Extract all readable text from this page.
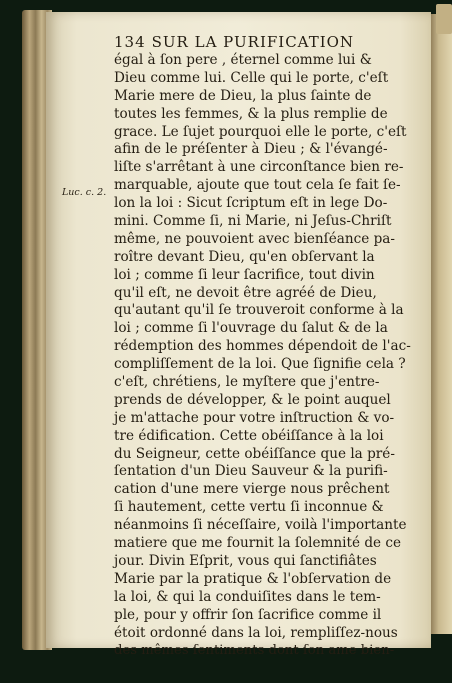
Luc. c. 2.
134 SUR LA PURIFICATION
égal à ſon pere , éternel comme lui &
Dieu comme lui. Celle qui le porte, c'eſt
Marie mere de Dieu, la plus ſainte de
toutes les femmes, & la plus remplie de
grace. Le ſujet pourquoi elle le porte, c'eſt
afin de le préſenter à Dieu ; & l'évangé-
liſte s'arrêtant à une circonſtance bien re-
marquable, ajoute que tout cela ſe fait ſe-
lon la loi : Sicut ſcriptum eſt in lege Do-
mini. Comme ſi, ni Marie, ni Jeſus-Chriſt
même, ne pouvoient avec bienſéance pa-
roître devant Dieu, qu'en obſervant la
loi ; comme ſi leur ſacrifice, tout divin
qu'il eſt, ne devoit être agréé de Dieu,
qu'autant qu'il ſe trouveroit conforme à la
loi ; comme ſi l'ouvrage du ſalut & de la
rédemption des hommes dépendoit de l'ac-
compliſſement de la loi. Que ſignifie cela ?
c'eſt, chrétiens, le myſtere que j'entre-
prends de développer, & le point auquel
je m'attache pour votre inſtruction & vo-
tre édification. Cette obéiſſance à la loi
du Seigneur, cette obéiſſance que la pré-
ſentation d'un Dieu Sauveur & la purifi-
cation d'une mere vierge nous prêchent
ſi hautement, cette vertu ſi inconnue &
néanmoins ſi néceſſaire, voilà l'importante
matiere que me fournit la ſolemnité de ce
jour. Divin Eſprit, vous qui ſanctifiâtes
Marie par la pratique & l'obſervation de
la loi, & qui la conduiſites dans le tem-
ple, pour y offrir ſon ſacrifice comme il
étoit ordonné dans la loi, rempliſſez-nous
des mêmes ſentiments dont ſon ame bien-
